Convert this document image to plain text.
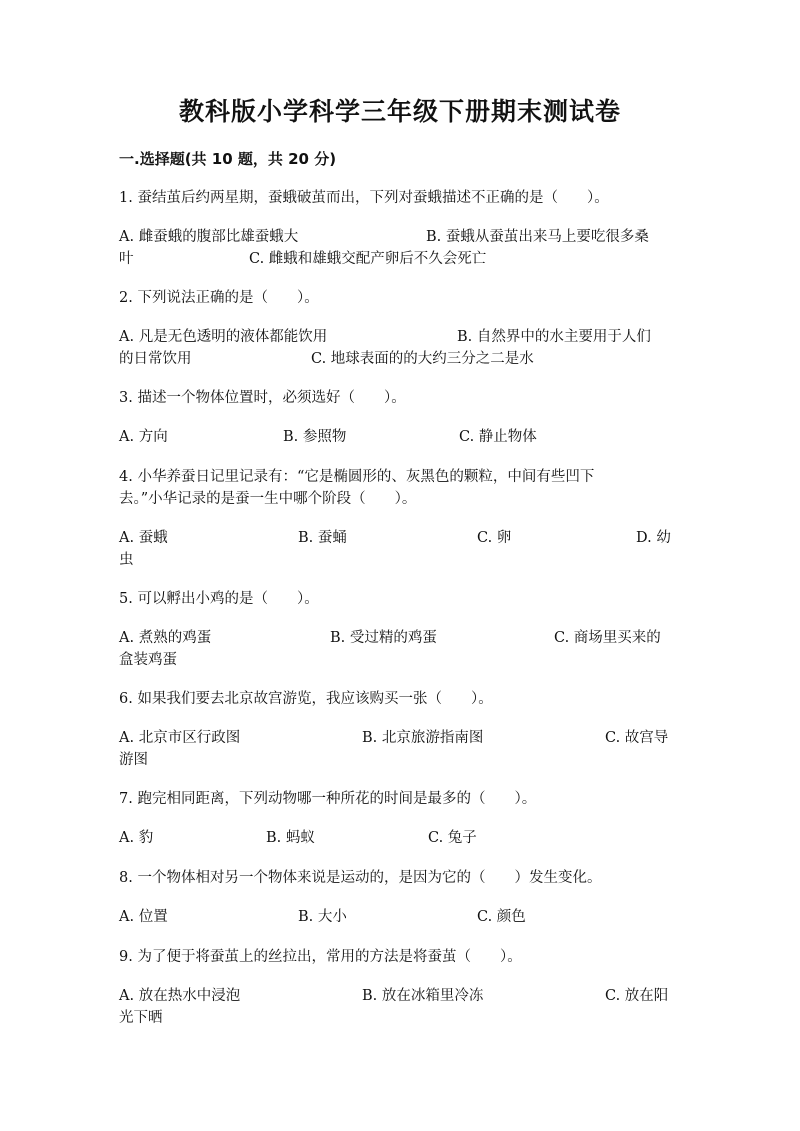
教科版小学科学三年级下册期末测试卷
一.选择题(共 10 题，共 20 分)
1. 蚕结茧后约两星期，蚕蛾破茧而出，下列对蚕蛾描述不正确的是（　　）。
A. 雌蚕蛾的腹部比雄蚕蛾大	B. 蚕蛾从蚕茧出来马上要吃很多桑
叶	C. 雌蛾和雄蛾交配产卵后不久会死亡
2. 下列说法正确的是（　　）。
A. 凡是无色透明的液体都能饮用	B. 自然界中的水主要用于人们
的日常饮用	C. 地球表面的的大约三分之二是水
3. 描述一个物体位置时，必须选好（　　）。
A. 方向	B. 参照物	C. 静止物体
4. 小华养蚕日记里记录有：“它是椭圆形的、灰黑色的颗粒，中间有些凹下
去。”小华记录的是蚕一生中哪个阶段（　　）。
A. 蚕蛾	B. 蚕蛹	C. 卵	D. 幼
虫
5. 可以孵出小鸡的是（　　）。
A. 煮熟的鸡蛋	B. 受过精的鸡蛋	C. 商场里买来的
盒装鸡蛋
6. 如果我们要去北京故宫游览，我应该购买一张（　　）。
A. 北京市区行政图	B. 北京旅游指南图	C. 故宫导
游图
7. 跑完相同距离，下列动物哪一种所花的时间是最多的（　　）。
A. 豹	B. 蚂蚁	C. 兔子
8. 一个物体相对另一个物体来说是运动的，是因为它的（　　）发生变化。
A. 位置	B. 大小	C. 颜色
9. 为了便于将蚕茧上的丝拉出，常用的方法是将蚕茧（　　）。
A. 放在热水中浸泡	B. 放在冰箱里冷冻	C. 放在阳
光下晒
